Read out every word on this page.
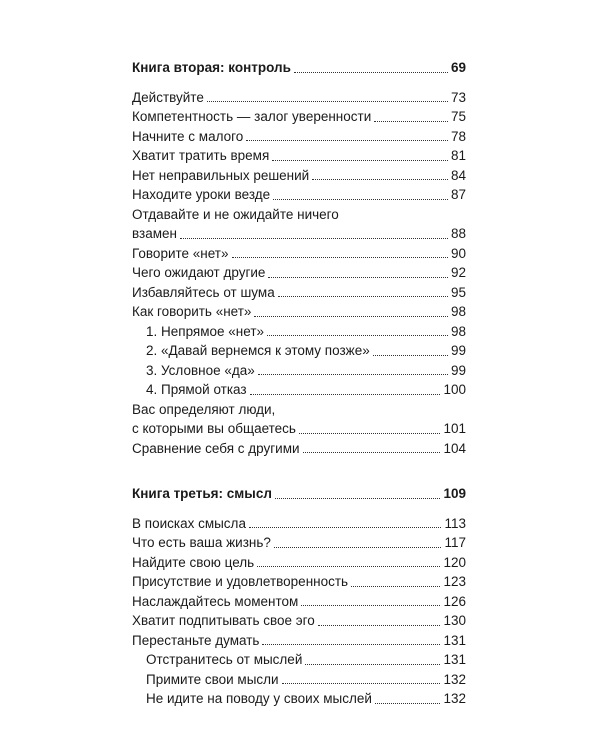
Книга вторая: контроль	69
Действуйте	73
Компетентность — залог уверенности	75
Начните с малого	78
Хватит тратить время	81
Нет неправильных решений	84
Находите уроки везде	87
Отдавайте и не ожидайте ничего
взамен	88
Говорите «нет»	90
Чего ожидают другие	92
Избавляйтесь от шума	95
Как говорить «нет»	98
1. Непрямое «нет»	98
2. «Давай вернемся к этому позже»	99
3. Условное «да»	99
4. Прямой отказ	100
Вас определяют люди,
с которыми вы общаетесь	101
Сравнение себя с другими	104
Книга третья: смысл	109
В поисках смысла	113
Что есть ваша жизнь?	117
Найдите свою цель	120
Присутствие и удовлетворенность	123
Наслаждайтесь моментом	126
Хватит подпитывать свое эго	130
Перестаньте думать	131
Отстранитесь от мыслей	131
Примите свои мысли	132
Не идите на поводу у своих мыслей	132
